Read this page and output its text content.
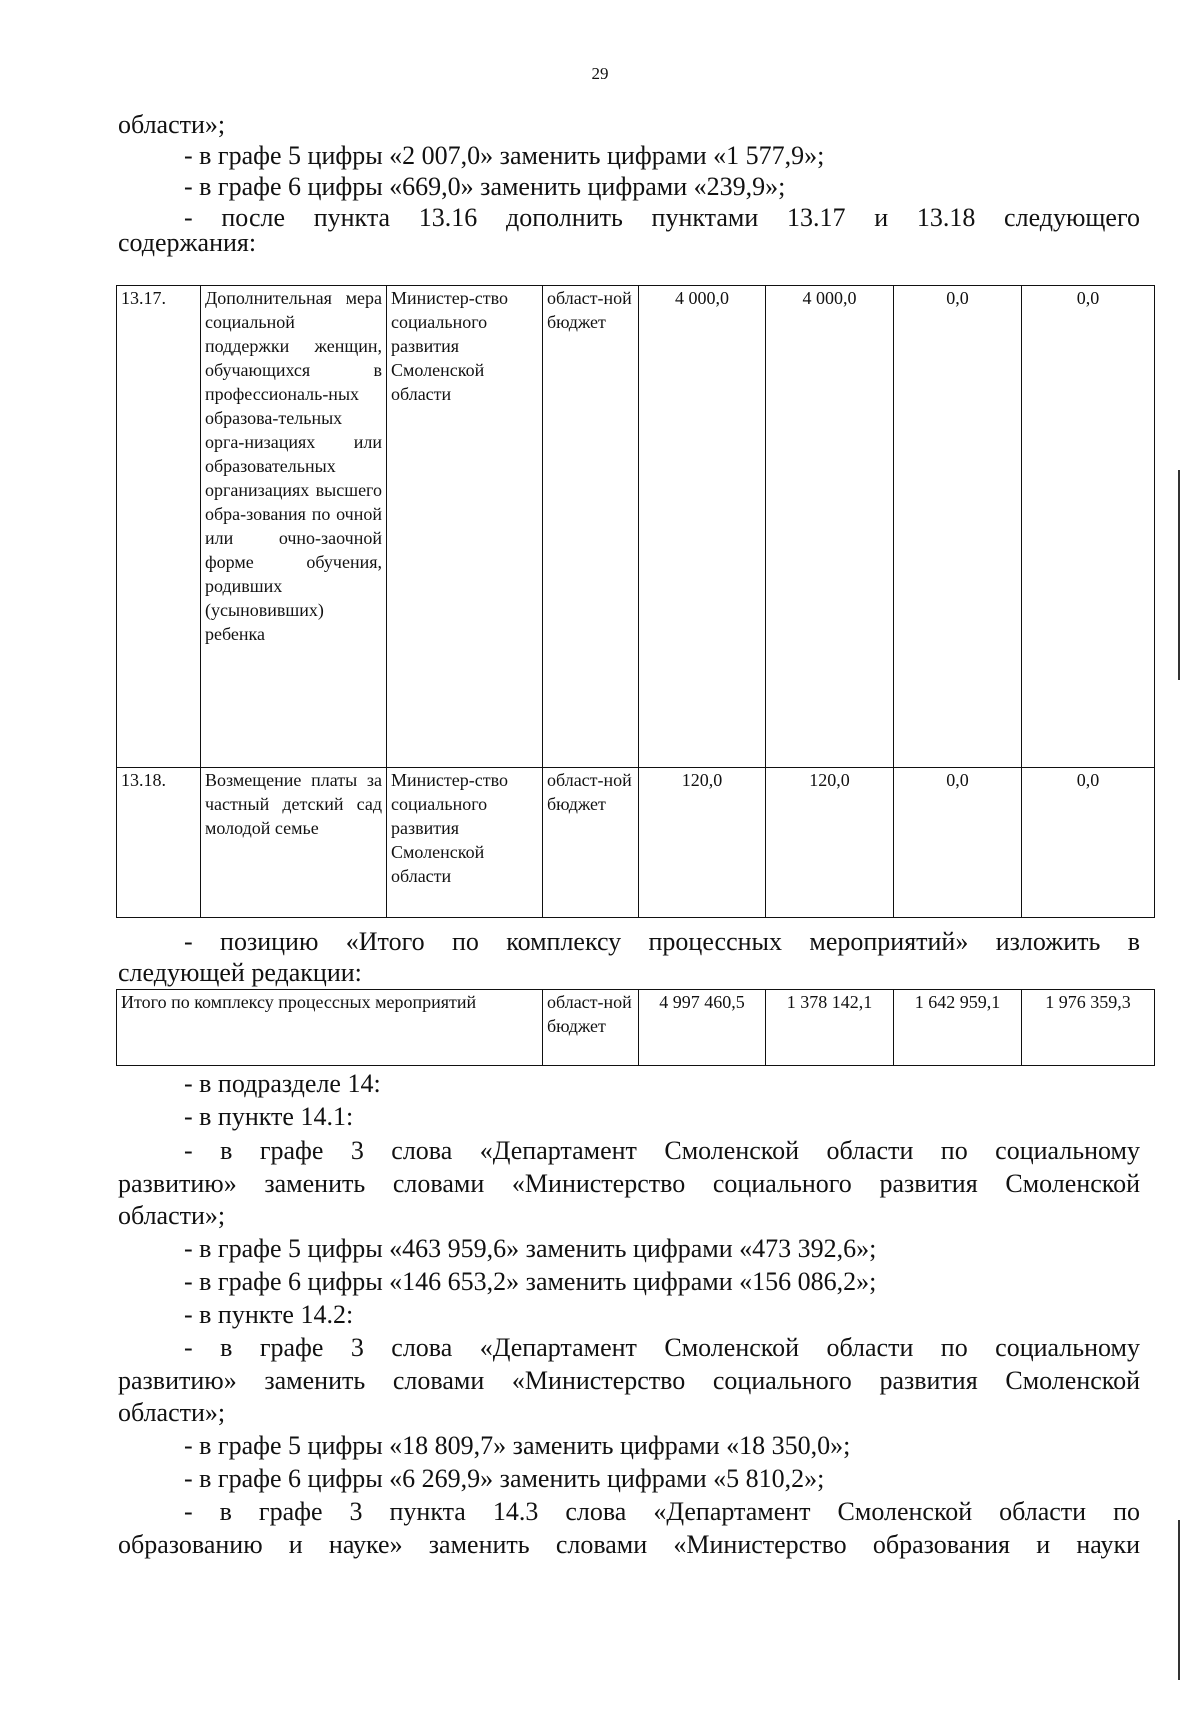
29
области»;
- в графе 5 цифры «2 007,0» заменить цифрами «1 577,9»;
- в графе 6 цифры «669,0» заменить цифрами «239,9»;
- после пункта 13.16 дополнить пунктами 13.17 и 13.18 следующего
содержания:
13.17.	Дополнительная мера социальной поддержки женщин, обучающихся в профессиональ-ных образова-тельных орга-низациях или образовательных организациях высшего обра-зования по очной или очно-заочной форме обучения, родивших (усыновивших) ребенка	Министер-ство социального развития Смоленской области	област-ной бюджет	4 000,0	4 000,0	0,0	0,0
13.18.	Возмещение платы за частный детский сад молодой семье	Министер-ство социального развития Смоленской области	област-ной бюджет	120,0	120,0	0,0	0,0
- позицию «Итого по комплексу процессных мероприятий» изложить в
следующей редакции:
Итого по комплексу процессных мероприятий	област-ной бюджет	4 997 460,5	1 378 142,1	1 642 959,1	1 976 359,3
- в подразделе 14:
- в пункте 14.1:
- в графе 3 слова «Департамент Смоленской области по социальному
развитию» заменить словами «Министерство социального развития Смоленской
области»;
- в графе 5 цифры «463 959,6» заменить цифрами «473 392,6»;
- в графе 6 цифры «146 653,2» заменить цифрами «156 086,2»;
- в пункте 14.2:
- в графе 3 слова «Департамент Смоленской области по социальному
развитию» заменить словами «Министерство социального развития Смоленской
области»;
- в графе 5 цифры «18 809,7» заменить цифрами «18 350,0»;
- в графе 6 цифры «6 269,9» заменить цифрами «5 810,2»;
- в графе 3 пункта 14.3 слова «Департамент Смоленской области по
образованию и науке» заменить словами «Министерство образования и науки
